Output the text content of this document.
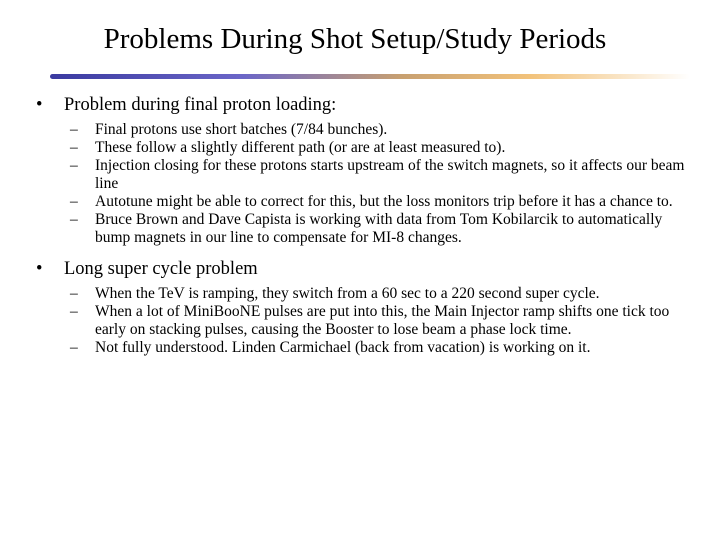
Problems During Shot Setup/Study Periods
•	Problem during final proton loading:
– Final protons use short batches (7/84 bunches).
– These follow a slightly different path (or are at least measured to).
– Injection closing for these protons starts upstream of the switch magnets, so it affects our beam line
– Autotune might be able to correct for this, but the loss monitors trip before it has a chance to.
– Bruce Brown and Dave Capista is working with data from Tom Kobilarcik to automatically bump magnets in our line to compensate for MI-8 changes.
•	Long super cycle problem
– When the TeV is ramping, they switch from a 60 sec to a 220 second super cycle.
– When a lot of MiniBooNE pulses are put into this, the Main Injector ramp shifts one tick too early on stacking pulses, causing the Booster to lose beam a phase lock time.
– Not fully understood. Linden Carmichael (back from vacation) is working on it.
